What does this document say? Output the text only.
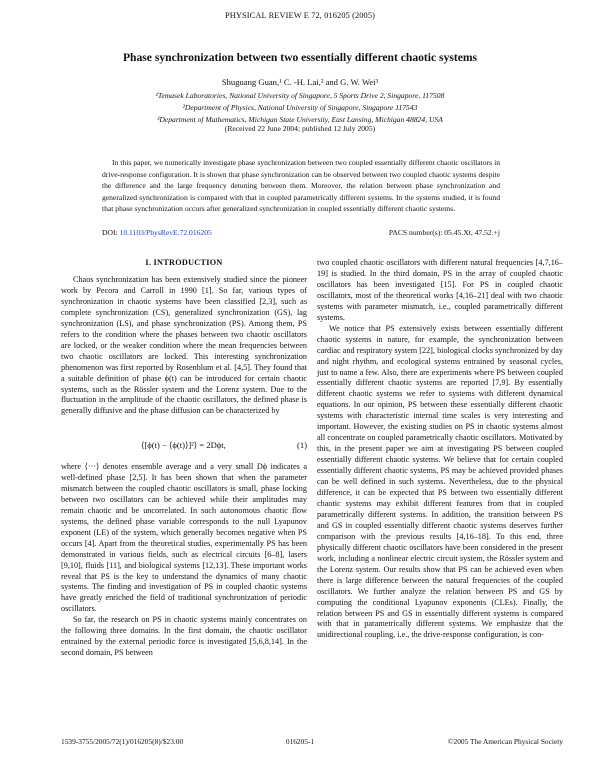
PHYSICAL REVIEW E 72, 016205 (2005)
Phase synchronization between two essentially different chaotic systems
Shuguang Guan,¹ C. -H. Lai,² and G. W. Wei³
¹Temasek Laboratories, National University of Singapore, 5 Sports Drive 2, Singapore, 117508
²Department of Physics, National University of Singapore, Singapore 117543
³Department of Mathematics, Michigan State University, East Lansing, Michigan 48824, USA
(Received 22 June 2004; published 12 July 2005)

In this paper, we numerically investigate phase synchronization between two coupled essentially different chaotic oscillators in drive-response configuration. It is shown that phase synchronization can be observed between two coupled chaotic systems despite the difference and the large frequency detuning between them. Moreover, the relation between phase synchronization and generalized synchronization is compared with that in coupled parametrically different systems. In the systems studied, it is found that phase synchronization occurs after generalized synchronization in coupled essentially different chaotic systems.

DOI: 10.1103/PhysRevE.72.016205	PACS number(s): 05.45.Xt, 47.52.+j
I. INTRODUCTION

Chaos synchronization has been extensively studied since the pioneer work by Pecora and Carroll in 1990 [1]. So far, various types of synchronization in chaotic systems have been classified [2,3], such as complete synchronization (CS), generalized synchronization (GS), lag synchronization (LS), and phase synchronization (PS). Among them, PS refers to the condition where the phases between two chaotic oscillators are locked, or the weaker condition where the mean frequencies between two chaotic oscillators are locked. This interesting synchronization phenomenon was first reported by Rosenblum et al. [4,5]. They found that a suitable definition of phase ϕ(t) can be introduced for certain chaotic systems, such as the Rössler system and the Lorenz system. Due to the fluctuation in the amplitude of the chaotic oscillators, the defined phase is generally diffusive and the phase diffusion can be characterized by

⟨[ϕ(t) − ⟨ϕ(t)⟩]²⟩ = 2Dϕt,	(1)

where ⟨···⟩ denotes ensemble average and a very small Dϕ indicates a well-defined phase [2,5]. It has been shown that when the parameter mismatch between the coupled chaotic oscillators is small, phase locking between two oscillators can be achieved while their amplitudes may remain chaotic and be uncorrelated. In such autonomous chaotic flow systems, the defined phase variable corresponds to the null Lyapunov exponent (LE) of the system, which generally becomes negative when PS occurs [4]. Apart from the theoretical studies, experimentally PS has been demonstrated in various fields, such as electrical circuits [6–8], lasers [9,10], fluids [11], and biological systems [12,13]. These important works reveal that PS is the key to understand the dynamics of many chaotic systems. The finding and investigation of PS in coupled chaotic systems have greatly enriched the field of traditional synchronization of periodic oscillators.

So far, the research on PS in chaotic systems mainly concentrates on the following three domains. In the first domain, the chaotic oscillator entrained by the external periodic force is investigated [5,6,8,14]. In the second domain, PS between

two coupled chaotic oscillators with different natural frequencies [4,7,16–19] is studied. In the third domain, PS in the array of coupled chaotic oscillators has been investigated [15]. For PS in coupled chaotic oscillators, most of the theoretical works [4,16–21] deal with two chaotic systems with parameter mismatch, i.e., coupled parametrically different systems.

We notice that PS extensively exists between essentially different chaotic systems in nature, for example, the synchronization between cardiac and respiratory system [22], biological clocks synchronized by day and night rhythm, and ecological systems entrained by seasonal cycles, just to name a few. Also, there are experiments where PS between coupled essentially different chaotic systems are reported [7,9]. By essentially different chaotic systems we refer to systems with different dynamical equations. In our opinion, PS between these essentially different chaotic systems with characteristic internal time scales is very interesting and important. However, the existing studies on PS in chaotic systems almost all concentrate on coupled parametrically chaotic oscillators. Motivated by this, in the present paper we aim at investigating PS between coupled essentially different chaotic systems. We believe that for certain coupled essentially different chaotic systems, PS may be achieved provided phases can be well defined in such systems. Nevertheless, due to the physical difference, it can be expected that PS between two essentially different chaotic systems may exhibit different features from that in coupled parametrically different systems. In addition, the transition between PS and GS in coupled essentially different chaotic systems deserves further comparison with the previous results [4,16–18]. To this end, three physically different chaotic oscillators have been considered in the present work, including a nonlinear electric circuit system, the Rössler system and the Lorenz system. Our results show that PS can be achieved even when there is large difference between the natural frequencies of the coupled oscillators. We further analyze the relation between PS and GS by computing the conditional Lyapunov exponents (CLEs). Finally, the relation between PS and GS in essentially different systems is compared with that in parametrically different systems. We emphasize that the unidirectional coupling, i.e., the drive-response configuration, is con-

1539-3755/2005/72(1)/016205(8)/$23.00	016205-1	©2005 The American Physical Society
